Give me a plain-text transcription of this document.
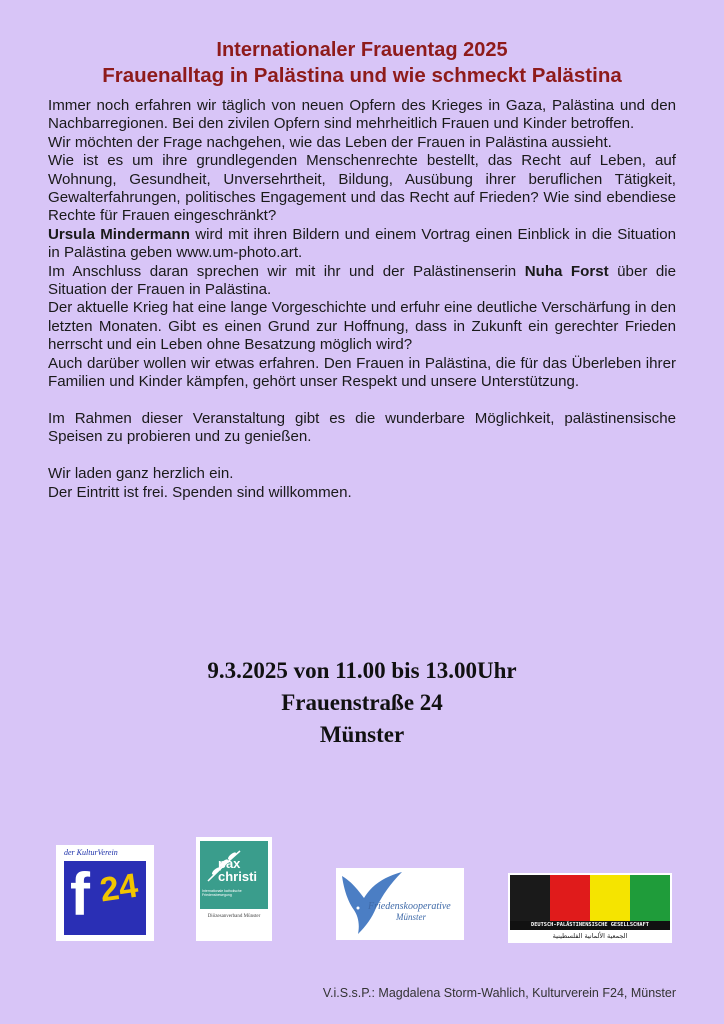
Internationaler Frauentag 2025
Frauenalltag in Palästina und wie schmeckt Palästina

Immer noch erfahren wir täglich von neuen Opfern des Krieges in Gaza, Palästina und den Nachbarregionen. Bei den zivilen Opfern sind mehrheitlich Frauen und Kinder betroffen.

Wir möchten der Frage nachgehen, wie das Leben der Frauen in Palästina aussieht.

Wie ist es um ihre grundlegenden Menschenrechte bestellt, das Recht auf Leben, auf Wohnung, Gesundheit, Unversehrtheit, Bildung, Ausübung ihrer beruflichen Tätigkeit, Gewalterfahrungen, politisches Engagement und das Recht auf Frieden? Wie sind ebendiese Rechte für Frauen eingeschränkt?

Ursula Mindermann wird mit ihren Bildern und einem Vortrag einen Einblick in die Situation in Palästina geben www.um-photo.art.

Im Anschluss daran sprechen wir mit ihr und der Palästinenserin Nuha Forst über die Situation der Frauen in Palästina.

Der aktuelle Krieg hat eine lange Vorgeschichte und erfuhr eine deutliche Verschärfung in den letzten Monaten. Gibt es einen Grund zur Hoffnung, dass in Zukunft ein gerechter Frieden herrscht und ein Leben ohne Besatzung möglich wird?

Auch darüber wollen wir etwas erfahren. Den Frauen in Palästina, die für das Überleben ihrer Familien und Kinder kämpfen, gehört unser Respekt und unsere Unterstützung.

Im Rahmen dieser Veranstaltung gibt es die wunderbare Möglichkeit, palästinensische Speisen zu probieren und zu genießen.

Wir laden ganz herzlich ein.

Der Eintritt ist frei. Spenden sind willkommen.

9.3.2025 von 11.00 bis 13.00Uhr
Frauenstraße 24
Münster
der KulturVerein
f 24
pax
christi
Internationale katholische Friedensbewegung
Diözesanverband Münster
Friedenskooperative
Münster
DEUTSCH-PALÄSTINENSISCHE GESELLSCHAFT
الجمعية الألمانية الفلسطينية
V.i.S.s.P.: Magdalena Storm-Wahlich, Kulturverein F24, Münster
